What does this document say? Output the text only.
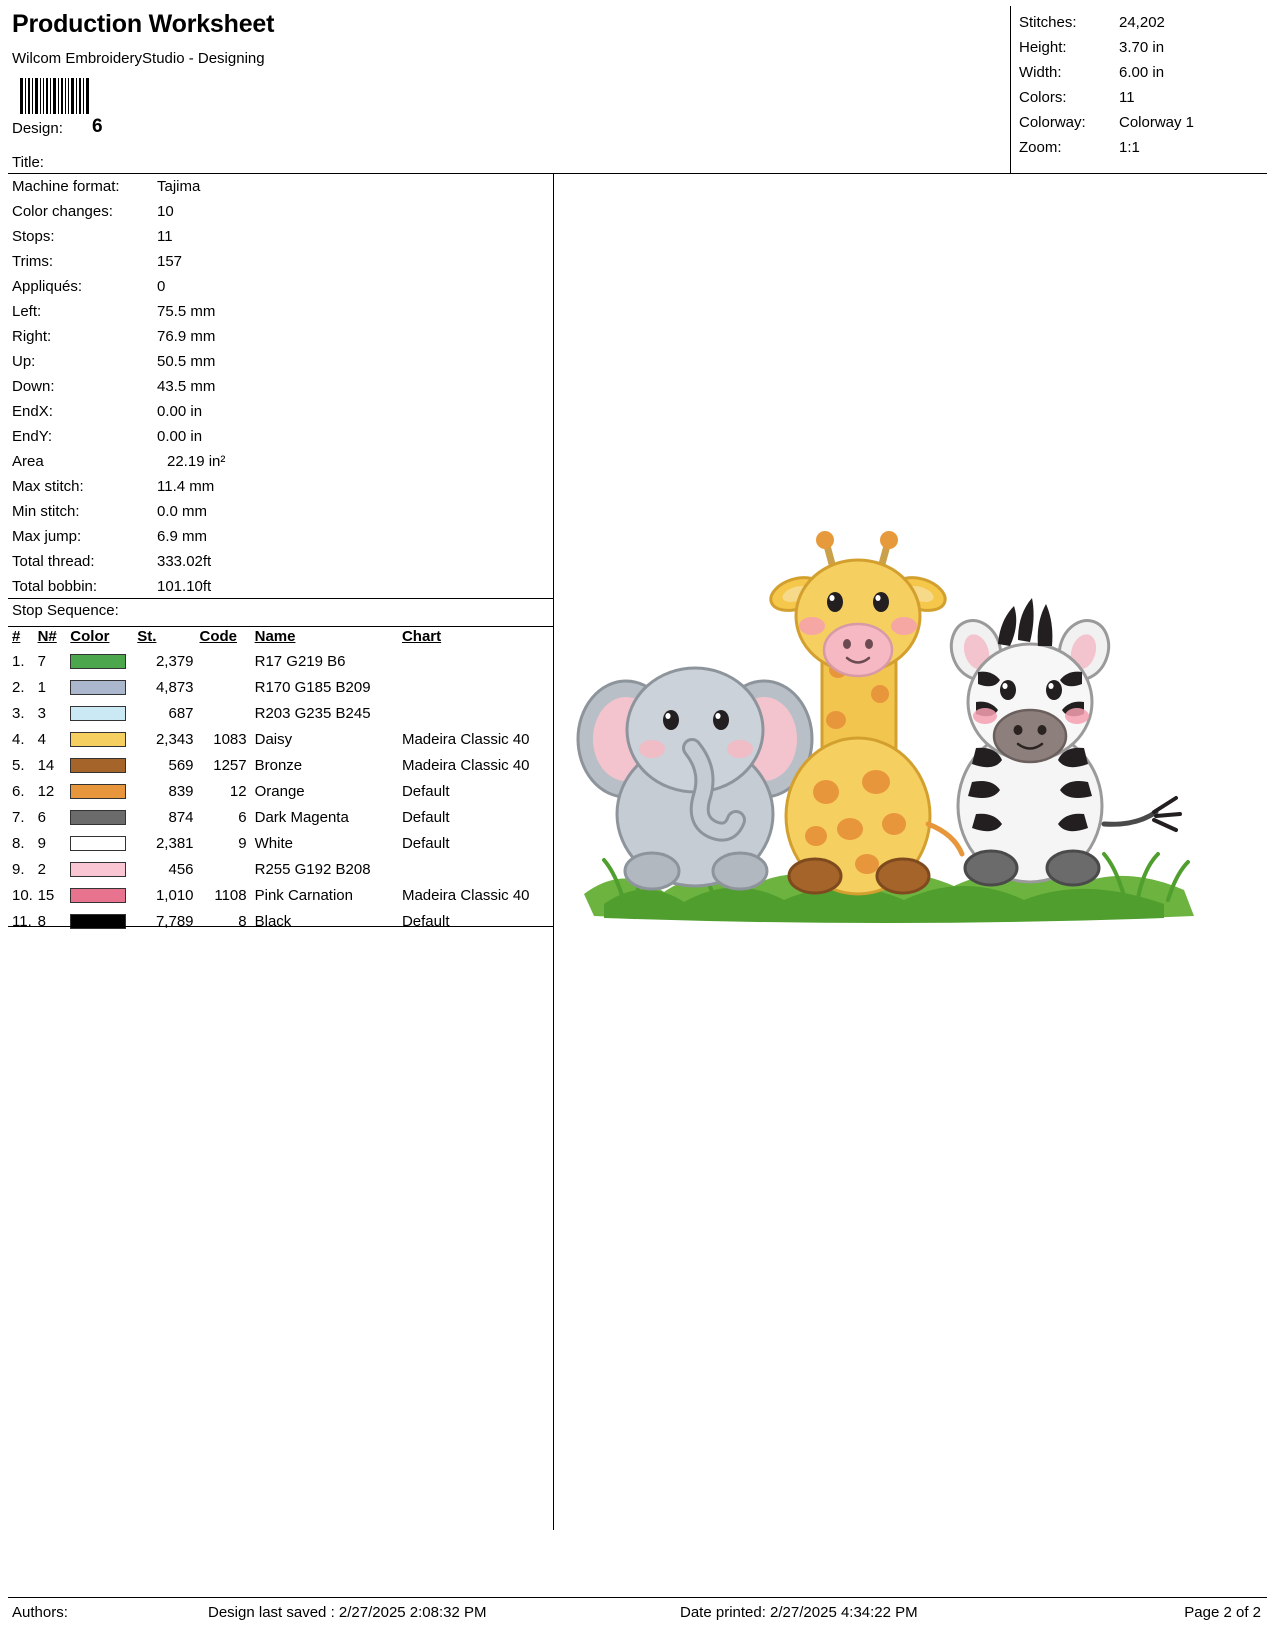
Production Worksheet
Wilcom EmbroideryStudio - Designing
Design: 6
Title:
Stitches:	24,202
Height:	3.70 in
Width:	6.00 in
Colors:	11
Colorway: Colorway 1
Zoom:	1:1
Machine format: Tajima
Color changes:	10
Stops:	11
Trims:	157
Appliqués:	0
Left:	75.5 mm
Right:	76.9 mm
Up:	50.5 mm
Down:	43.5 mm
EndX:	0.00 in
EndY:	0.00 in
Area	22.19 in²
Max stitch:	11.4 mm
Min stitch:	0.0 mm
Max jump:	6.9 mm
Total thread:	333.02ft
Total bobbin:	101.10ft
Stop Sequence:
#	N#	Color	St.	Code	Name	Chart
1.	7		2,379		R17 G219 B6	
2.	1		4,873		R170 G185 B209	
3.	3		687		R203 G235 B245	
4.	4		2,343	1083	Daisy	Madeira Classic 40
5.	14		569	1257	Bronze	Madeira Classic 40
6.	12		839	12	Orange	Default
7.	6		874	6	Dark Magenta	Default
8.	9		2,381	9	White	Default
9.	2		456		R255 G192 B208	
10.	15		1,010	1108	Pink Carnation	Madeira Classic 40
11.	8		7,789	8	Black	Default
Authors:	Design last saved : 2/27/2025 2:08:32 PM	Date printed: 2/27/2025 4:34:22 PM	Page 2 of 2
